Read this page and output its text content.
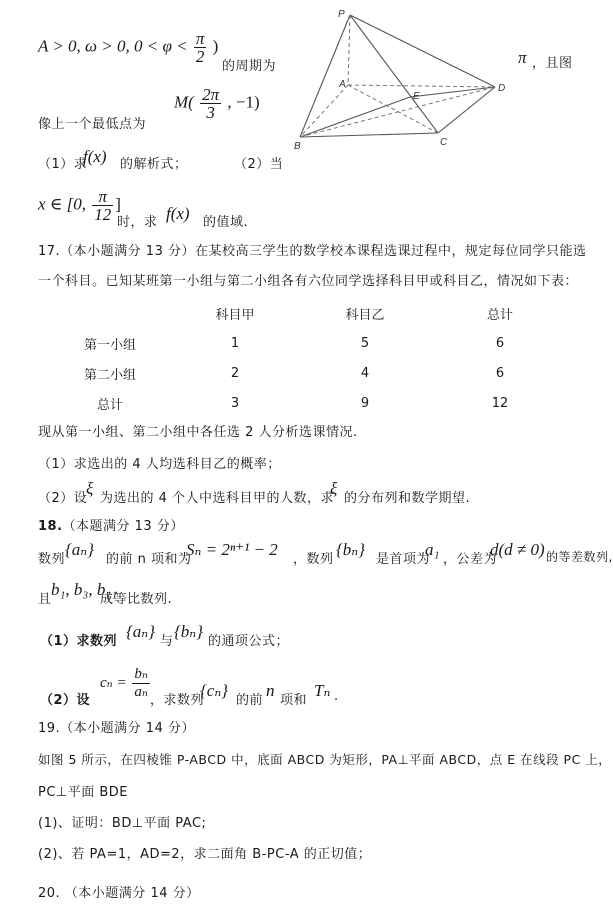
A > 0, ω > 0, $0 < \varphi < \frac{\pi}{2}$ )
的周期为	π ，且图
像上一个最低点为
$M( \frac{2\pi}{3}$ , −1)
（1）求
f(x) 的解析式；	（2）当
x ∈ [0, $\frac{\pi}{12}$ ]
时，求 f(x) 的值域.
P
A
E
D
B	C
17.（本小题满分 13 分）在某校高三学生的数学校本课程选课过程中，规定每位同学只能选
一个科目。已知某班第一小组与第二小组各有六位同学选择科目甲或科目乙，情况如下表：
	科目甲	科目乙	总计
第一小组	1	5	6
第二小组	2	4	6
总计	3	9	12
现从第一小组、第二小组中各任选 2 人分析选课情况.
（1）求选出的 4 人均选科目乙的概率；
（2）设
ξ
为选出的 4 个人中选科目甲的人数，求
ξ
的分布列和数学期望.
18.（本题满分 13 分）
数列
{aₙ}
的前 n 项和为
Sₙ = 2ⁿ⁺¹ − 2
，数列
{bₙ}
是首项为
a₁
，公差为
d(d ≠ 0) 的等差数列,
且
b₁, b₃, b₁₁
成等比数列.
（1）求数列
{aₙ}
与
{bₙ}
的通项公式；
$c_n = \frac{\text{bₙ}}{\text{aₙ}}$
（2）设	，求数列
{cₙ}
的前
n
项和
Tₙ .
19.（本小题满分 14 分）
如图 5 所示，在四棱锥 P-ABCD 中，底面 ABCD 为矩形，PA⊥平面 ABCD，点 E 在线段 PC 上，
PC⊥平面 BDE
(1)、证明：BD⊥平面 PAC;
(2)、若 PA=1，AD=2，求二面角 B-PC-A 的正切值；
20. （本小题满分 14 分）
